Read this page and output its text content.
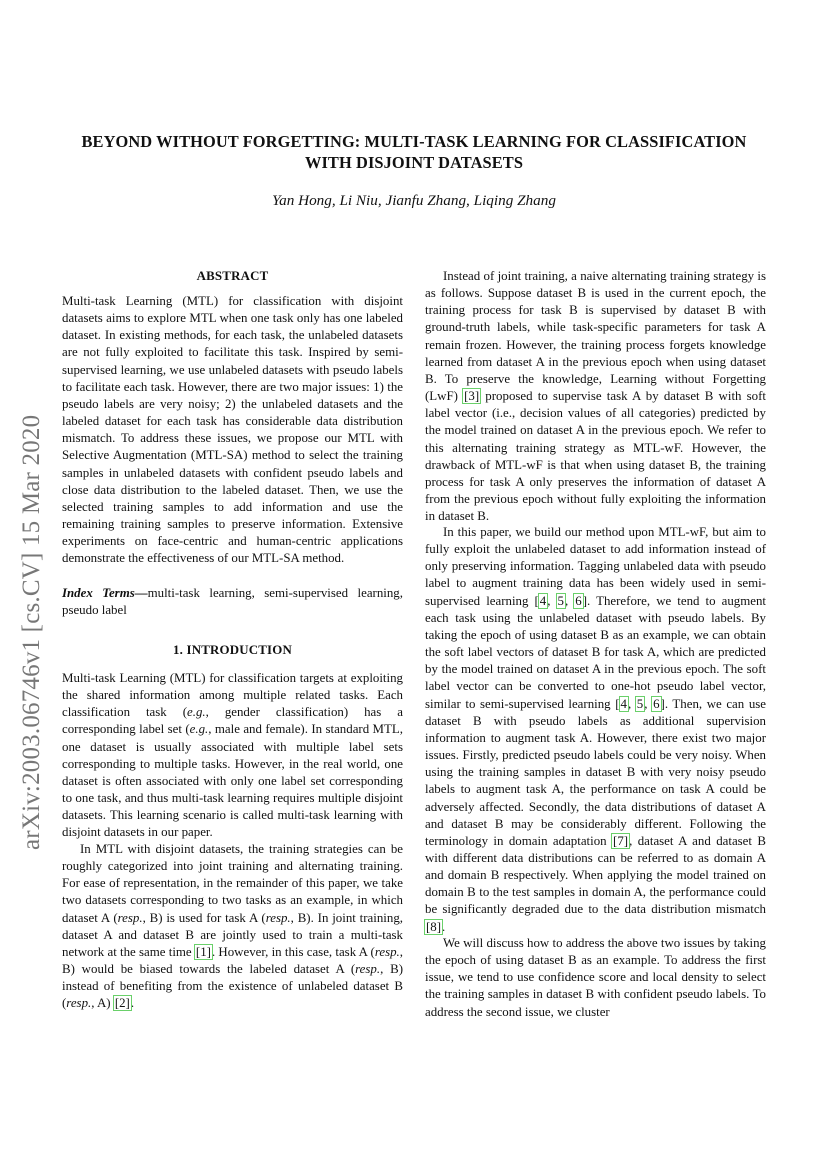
arXiv:2003.06746v1 [cs.CV] 15 Mar 2020
BEYOND WITHOUT FORGETTING: MULTI-TASK LEARNING FOR CLASSIFICATION
WITH DISJOINT DATASETS
Yan Hong, Li Niu, Jianfu Zhang, Liqing Zhang
ABSTRACT

Multi-task Learning (MTL) for classification with disjoint datasets aims to explore MTL when one task only has one labeled dataset. In existing methods, for each task, the unlabeled datasets are not fully exploited to facilitate this task. Inspired by semi-supervised learning, we use unlabeled datasets with pseudo labels to facilitate each task. However, there are two major issues: 1) the pseudo labels are very noisy; 2) the unlabeled datasets and the labeled dataset for each task has considerable data distribution mismatch. To address these issues, we propose our MTL with Selective Augmentation (MTL-SA) method to select the training samples in unlabeled datasets with confident pseudo labels and close data distribution to the labeled dataset. Then, we use the selected training samples to add information and use the remaining training samples to preserve information. Extensive experiments on face-centric and human-centric applications demonstrate the effectiveness of our MTL-SA method.

Index Terms—multi-task learning, semi-supervised learning, pseudo label

1. INTRODUCTION

Multi-task Learning (MTL) for classification targets at exploiting the shared information among multiple related tasks. Each classification task (e.g., gender classification) has a corresponding label set (e.g., male and female). In standard MTL, one dataset is usually associated with multiple label sets corresponding to multiple tasks. However, in the real world, one dataset is often associated with only one label set corresponding to one task, and thus multi-task learning requires multiple disjoint datasets. This learning scenario is called multi-task learning with disjoint datasets in our paper.

In MTL with disjoint datasets, the training strategies can be roughly categorized into joint training and alternating training. For ease of representation, in the remainder of this paper, we take two datasets corresponding to two tasks as an example, in which dataset A (resp., B) is used for task A (resp., B). In joint training, dataset A and dataset B are jointly used to train a multi-task network at the same time [1]. However, in this case, task A (resp., B) would be biased towards the labeled dataset A (resp., B) instead of benefiting from the existence of unlabeled dataset B (resp., A) [2].

Instead of joint training, a naive alternating training strategy is as follows. Suppose dataset B is used in the current epoch, the training process for task B is supervised by dataset B with ground-truth labels, while task-specific parameters for task A remain frozen. However, the training process forgets knowledge learned from dataset A in the previous epoch when using dataset B. To preserve the knowledge, Learning without Forgetting (LwF) [3] proposed to supervise task A by dataset B with soft label vector (i.e., decision values of all categories) predicted by the model trained on dataset A in the previous epoch. We refer to this alternating training strategy as MTL-wF. However, the drawback of MTL-wF is that when using dataset B, the training process for task A only preserves the information of dataset A from the previous epoch without fully exploiting the information in dataset B.

In this paper, we build our method upon MTL-wF, but aim to fully exploit the unlabeled dataset to add information instead of only preserving information. Tagging unlabeled data with pseudo label to augment training data has been widely used in semi-supervised learning [4, 5, 6]. Therefore, we tend to augment each task using the unlabeled dataset with pseudo labels. By taking the epoch of using dataset B as an example, we can obtain the soft label vectors of dataset B for task A, which are predicted by the model trained on dataset A in the previous epoch. The soft label vector can be converted to one-hot pseudo label vector, similar to semi-supervised learning [4, 5, 6]. Then, we can use dataset B with pseudo labels as additional supervision information to augment task A. However, there exist two major issues. Firstly, predicted pseudo labels could be very noisy. When using the training samples in dataset B with very noisy pseudo labels to augment task A, the performance on task A could be adversely affected. Secondly, the data distributions of dataset A and dataset B may be considerably different. Following the terminology in domain adaptation [7], dataset A and dataset B with different data distributions can be referred to as domain A and domain B respectively. When applying the model trained on domain B to the test samples in domain A, the performance could be significantly degraded due to the data distribution mismatch [8].

We will discuss how to address the above two issues by taking the epoch of using dataset B as an example. To address the first issue, we tend to use confidence score and local density to select the training samples in dataset B with confident pseudo labels. To address the second issue, we cluster
